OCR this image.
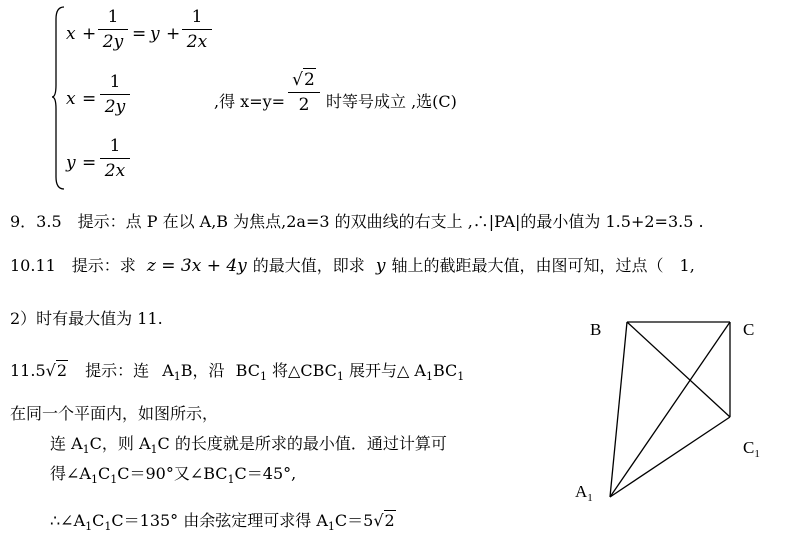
x +
1
2y = y +
1
2x
x =
1
2y	,得 x=y=
√2
2	时等号成立 ,选(C)
y =
1
2x
9．3.5　提示：点 P 在以 A,B 为焦点,2a=3 的双曲线的右支上 ,∴|PA|的最小值为 1.5+2=3.5 .
10.11　提示：求 z = 3x + 4y 的最大值，即求 y 轴上的截距最大值，由图可知，过点（　1,
2）时有最大值为 11.
11.5√2 提示：连 $A_1B$，沿 $BC_1$ 将$\triangle CBC_1$ 展开与△ $A_1BC_1$
在同一个平面内，如图所示，
连 $A_1C$，则 $A_1C$ 的长度就是所求的最小值．通过计算可
得$\angle A_1C_1C=90^\circ$又$\angle BC_1C=45^\circ$,
$\therefore\angle A_1C_1C=135^\circ$ 由余弦定理可求得 $A_1C=5√2$
B	C
$C_1$
$A_1$
